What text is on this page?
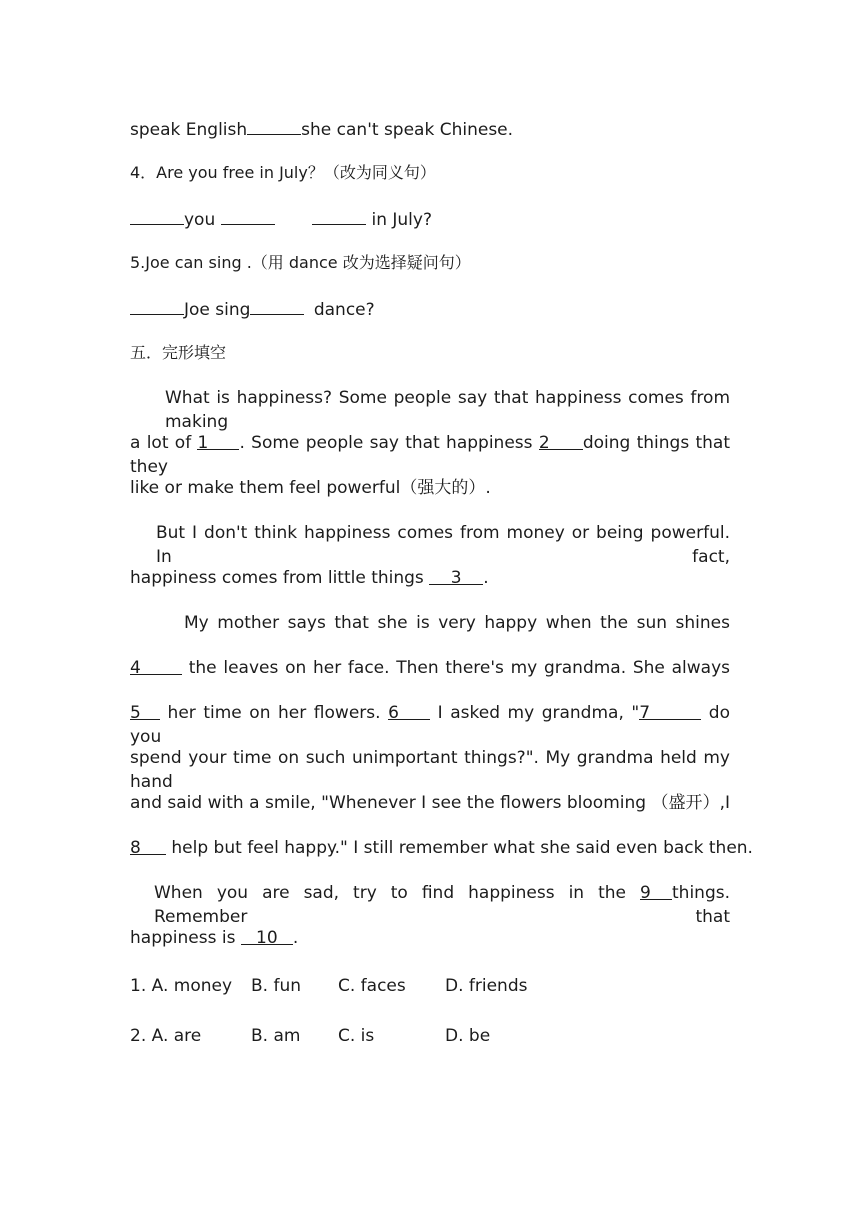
speak English	she can't speak Chinese.
4．Are you free in July？（改为同义句）
you	in July?
5.Joe can sing .（用 dance 改为选择疑问句）
Joe sing	dance?
五．完形填空
What is happiness? Some people say that happiness comes from making
a lot of 1 . Some people say that happiness 2 doing things that they
like or make them feel powerful（强大的）.
But I don't think happiness comes from money or being powerful. In fact,
happiness comes from little things 3 .
My mother says that she is very happy when the sun shines
4 the leaves on her face. Then there's my grandma. She always
5 her time on her flowers. 6 I asked my grandma, "7	do you
spend your time on such unimportant things?". My grandma held my hand
and said with a smile, "Whenever I see the flowers blooming （盛开）,I
8 help but feel happy." I still remember what she said even back then.
When you are sad, try to find happiness in the 9 things. Remember that
happiness is 10 .
1. A. money B. fun C. faces D. friends
2. A. are	B. am C. is	D. be
